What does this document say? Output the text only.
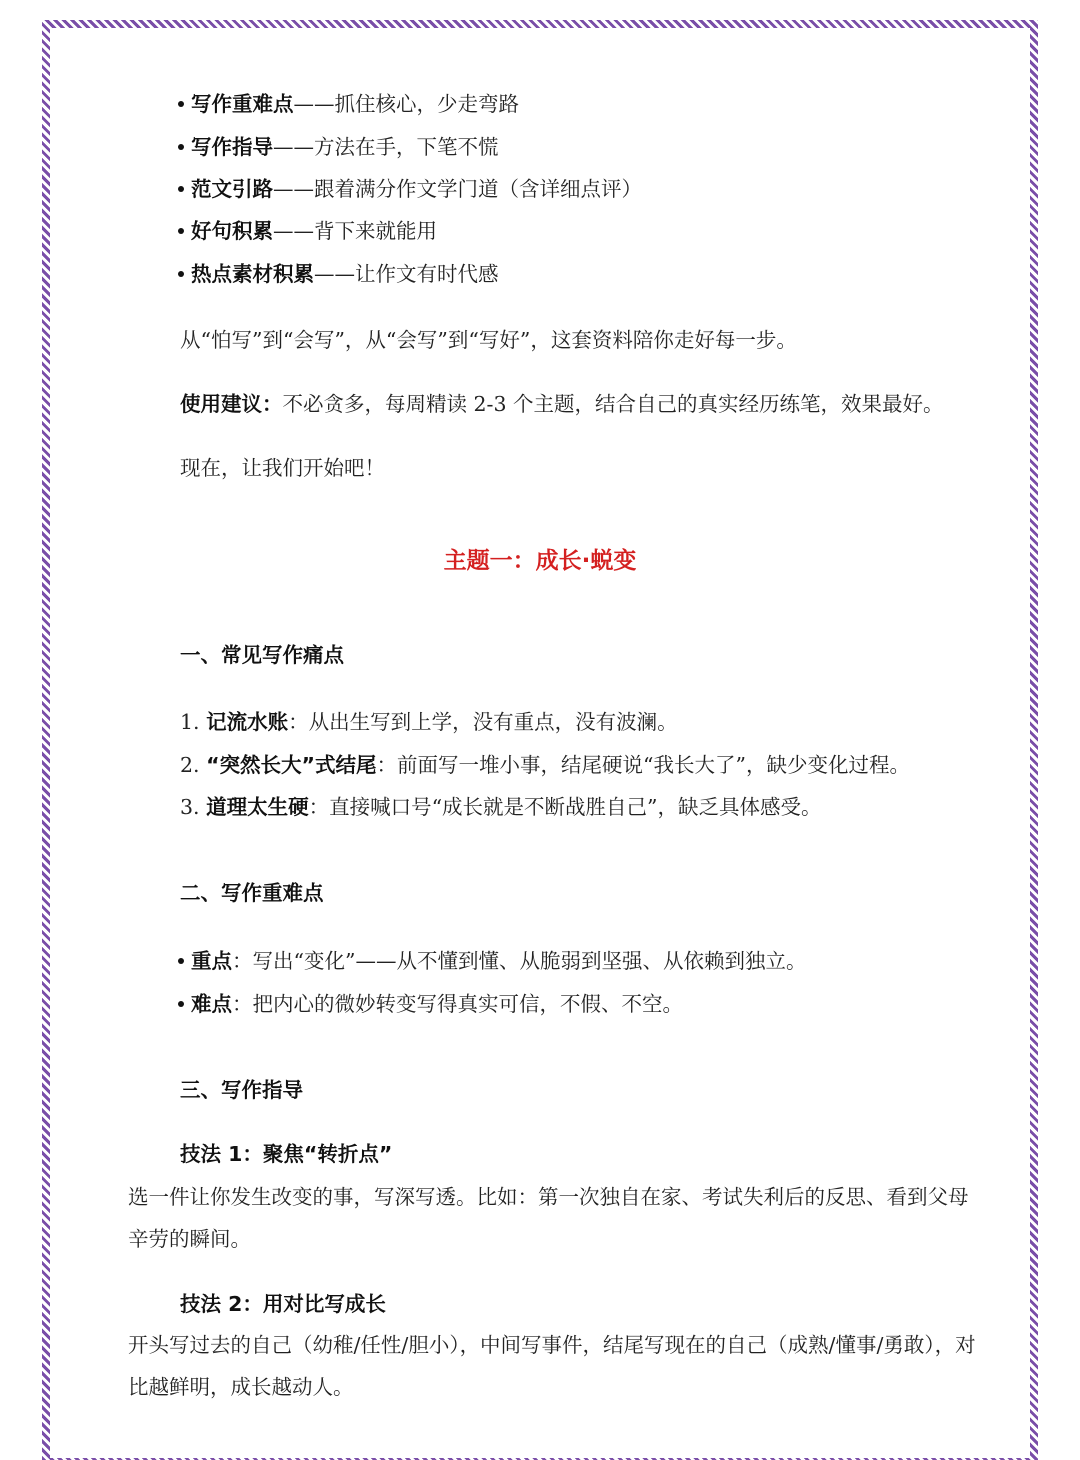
写作重难点——抓住核心，少走弯路
写作指导——方法在手，下笔不慌
范文引路——跟着满分作文学门道（含详细点评）
好句积累——背下来就能用
热点素材积累——让作文有时代感
从“怕写”到“会写”，从“会写”到“写好”，这套资料陪你走好每一步。
使用建议：不必贪多，每周精读 2-3 个主题，结合自己的真实经历练笔，效果最好。
现在，让我们开始吧！
主题一：成长·蜕变
一、常见写作痛点
1. 记流水账：从出生写到上学，没有重点，没有波澜。
2. “突然长大”式结尾：前面写一堆小事，结尾硬说“我长大了”，缺少变化过程。
3. 道理太生硬：直接喊口号“成长就是不断战胜自己”，缺乏具体感受。
二、写作重难点
重点：写出“变化”——从不懂到懂、从脆弱到坚强、从依赖到独立。
难点：把内心的微妙转变写得真实可信，不假、不空。
三、写作指导
技法 1：聚焦“转折点”
选一件让你发生改变的事，写深写透。比如：第一次独自在家、考试失利后的反思、看到父母辛劳的瞬间。
技法 2：用对比写成长
开头写过去的自己（幼稚/任性/胆小），中间写事件，结尾写现在的自己（成熟/懂事/勇敢），对比越鲜明，成长越动人。
